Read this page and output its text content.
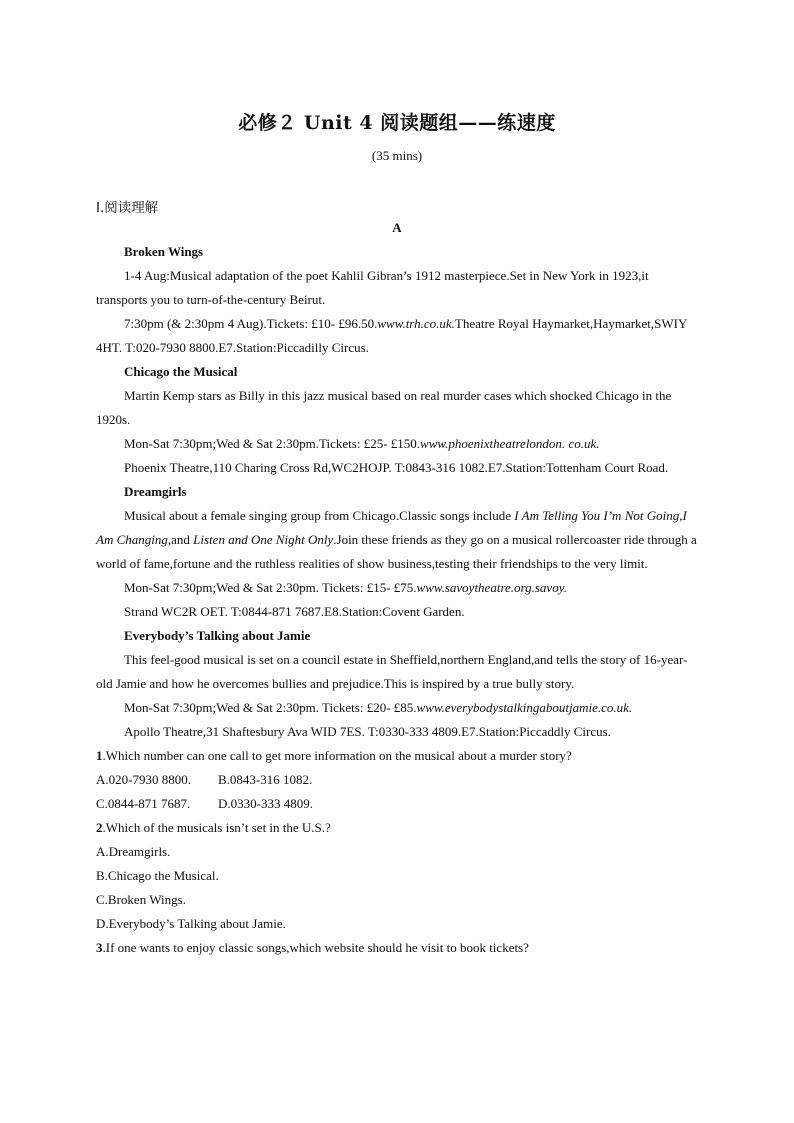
必修２ Unit 4 阅读题组——练速度
(35 mins)
Ⅰ.阅读理解
A

Broken Wings

1-4 Aug:Musical adaptation of the poet Kahlil Gibran’s 1912 masterpiece.Set in New York in 1923,it transports you to turn-of-the-century Beirut.

7:30pm (& 2:30pm 4 Aug).Tickets: £10- £96.50.www.trh.co.uk.Theatre Royal Haymarket,Haymarket,SWIY 4HT. T:020-7930 8800.E7.Station:Piccadilly Circus.

Chicago the Musical

Martin Kemp stars as Billy in this jazz musical based on real murder cases which shocked Chicago in the 1920s.

Mon-Sat 7:30pm;Wed & Sat 2:30pm.Tickets: £25- £150.www.phoenixtheatrelondon. co.uk.

Phoenix Theatre,110 Charing Cross Rd,WC2HOJP. T:0843-316 1082.E7.Station:Tottenham Court Road.

Dreamgirls

Musical about a female singing group from Chicago.Classic songs include I Am Telling You I’m Not Going,I Am Changing,and Listen and One Night Only.Join these friends as they go on a musical rollercoaster ride through a world of fame,fortune and the ruthless realities of show business,testing their friendships to the very limit.

Mon-Sat 7:30pm;Wed & Sat 2:30pm. Tickets: £15- £75.www.savoytheatre.org.savoy.

Strand WC2R OET. T:0844-871 7687.E8.Station:Covent Garden.

Everybody’s Talking about Jamie

This feel-good musical is set on a council estate in Sheffield,northern England,and tells the story of 16-year-old Jamie and how he overcomes bullies and prejudice.This is inspired by a true bully story.

Mon-Sat 7:30pm;Wed & Sat 2:30pm. Tickets: £20- £85.www.everybodystalkingaboutjamie.co.uk.

Apollo Theatre,31 Shaftesbury Ava WID 7ES. T:0330-333 4809.E7.Station:Piccaddly Circus.

1.Which number can one call to get more information on the musical about a murder story?

A.020-7930 8800. B.0843-316 1082.

C.0844-871 7687. D.0330-333 4809.

2.Which of the musicals isn’t set in the U.S.?

A.Dreamgirls.

B.Chicago the Musical.

C.Broken Wings.

D.Everybody’s Talking about Jamie.

3.If one wants to enjoy classic songs,which website should he visit to book tickets?
